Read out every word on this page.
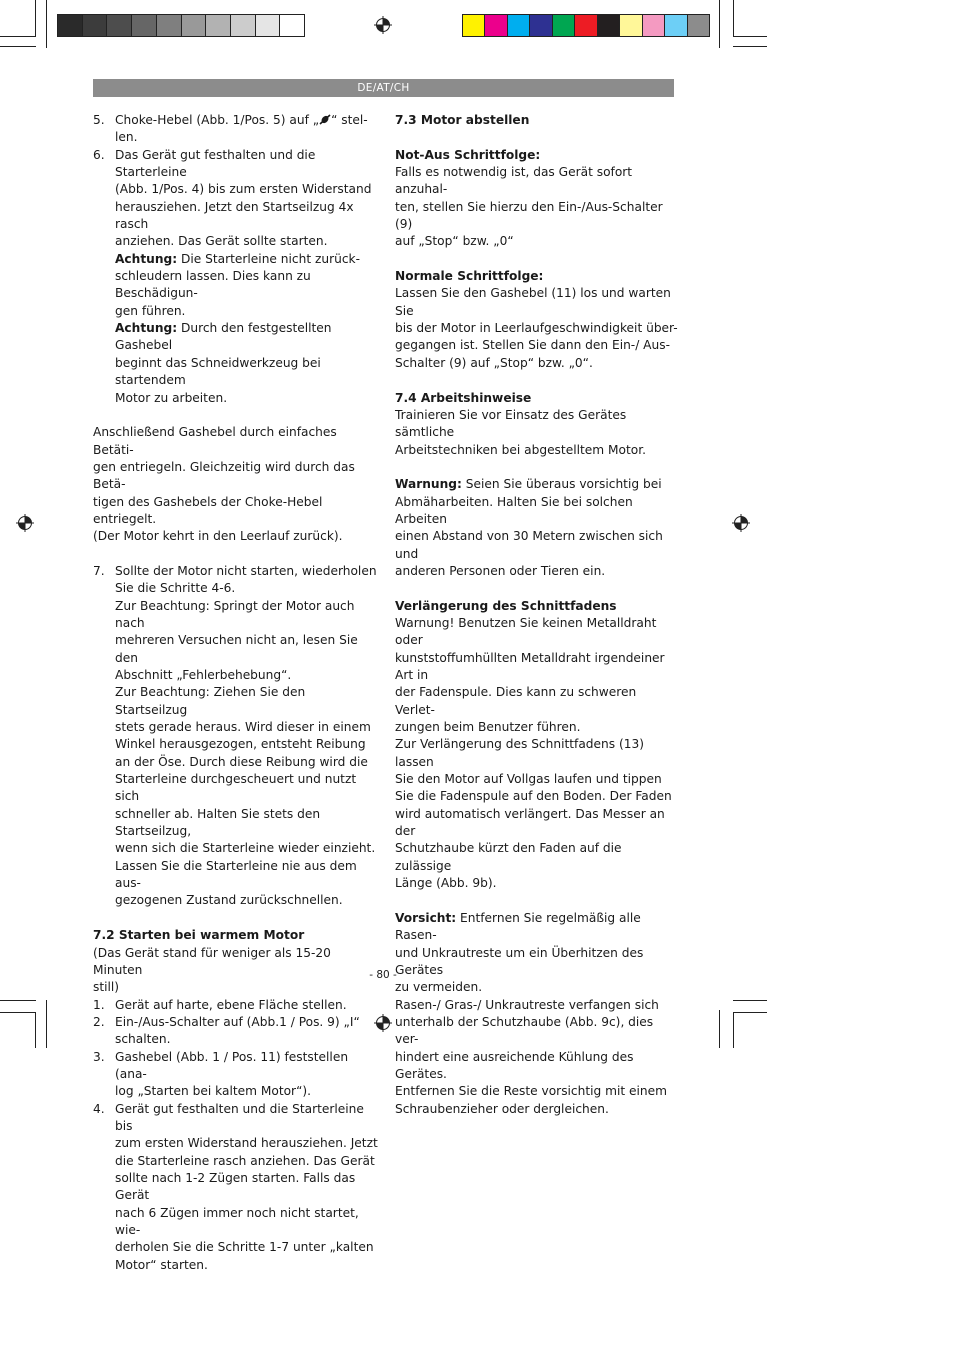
DE/AT/CH
5. Choke-Hebel (Abb. 1/Pos. 5) auf „ “ stel-

len.

6. Das Gerät gut festhalten und die Starterleine

(Abb. 1/Pos. 4) bis zum ersten Widerstand

herausziehen. Jetzt den Startseilzug 4x rasch

anziehen. Das Gerät sollte starten.

Achtung: Die Starterleine nicht zurück-

schleudern lassen. Dies kann zu Beschädigun-

gen führen.

Achtung: Durch den festgestellten Gashebel

beginnt das Schneidwerkzeug bei startendem

Motor zu arbeiten.

Anschließend Gashebel durch einfaches Betäti-

gen entriegeln. Gleichzeitig wird durch das Betä-

tigen des Gashebels der Choke-Hebel entriegelt.

(Der Motor kehrt in den Leerlauf zurück).

7. Sollte der Motor nicht starten, wiederholen

Sie die Schritte 4-6.

Zur Beachtung: Springt der Motor auch nach

mehreren Versuchen nicht an, lesen Sie den

Abschnitt „Fehlerbehebung“.

Zur Beachtung: Ziehen Sie den Startseilzug

stets gerade heraus. Wird dieser in einem

Winkel herausgezogen, entsteht Reibung

an der Öse. Durch diese Reibung wird die

Starterleine durchgescheuert und nutzt sich

schneller ab. Halten Sie stets den Startseilzug,

wenn sich die Starterleine wieder einzieht.

Lassen Sie die Starterleine nie aus dem aus-

gezogenen Zustand zurückschnellen.

7.2 Starten bei warmem Motor

(Das Gerät stand für weniger als 15-20 Minuten

still)

1. Gerät auf harte, ebene Fläche stellen.

2. Ein-/Aus-Schalter auf (Abb.1 / Pos. 9) „I“

schalten.

3. Gashebel (Abb. 1 / Pos. 11) feststellen (ana-

log „Starten bei kaltem Motor“).

4. Gerät gut festhalten und die Starterleine bis

zum ersten Widerstand herausziehen. Jetzt

die Starterleine rasch anziehen. Das Gerät

sollte nach 1-2 Zügen starten. Falls das Gerät

nach 6 Zügen immer noch nicht startet, wie-

derholen Sie die Schritte 1-7 unter „kalten

Motor“ starten.

7.3 Motor abstellen

Not-Aus Schrittfolge:

Falls es notwendig ist, das Gerät sofort anzuhal-

ten, stellen Sie hierzu den Ein-/Aus-Schalter (9)

auf „Stop“ bzw. „0“

Normale Schrittfolge:

Lassen Sie den Gashebel (11) los und warten Sie

bis der Motor in Leerlaufgeschwindigkeit über-

gegangen ist. Stellen Sie dann den Ein-/ Aus-

Schalter (9) auf „Stop“ bzw. „0“.

7.4 Arbeitshinweise

Trainieren Sie vor Einsatz des Gerätes sämtliche

Arbeitstechniken bei abgestelltem Motor.

Warnung: Seien Sie überaus vorsichtig bei

Abmäharbeiten. Halten Sie bei solchen Arbeiten

einen Abstand von 30 Metern zwischen sich und

anderen Personen oder Tieren ein.

Verlängerung des Schnittfadens

Warnung! Benutzen Sie keinen Metalldraht oder

kunststoffumhüllten Metalldraht irgendeiner Art in

der Fadenspule. Dies kann zu schweren Verlet-

zungen beim Benutzer führen.

Zur Verlängerung des Schnittfadens (13) lassen

Sie den Motor auf Vollgas laufen und tippen

Sie die Fadenspule auf den Boden. Der Faden

wird automatisch verlängert. Das Messer an der

Schutzhaube kürzt den Faden auf die zulässige

Länge (Abb. 9b).

Vorsicht: Entfernen Sie regelmäßig alle Rasen-

und Unkrautreste um ein Überhitzen des Gerätes

zu vermeiden.

Rasen-/ Gras-/ Unkrautreste verfangen sich

unterhalb der Schutzhaube (Abb. 9c), dies ver-

hindert eine ausreichende Kühlung des Gerätes.

Entfernen Sie die Reste vorsichtig mit einem

Schraubenzieher oder dergleichen.

- 80 -
